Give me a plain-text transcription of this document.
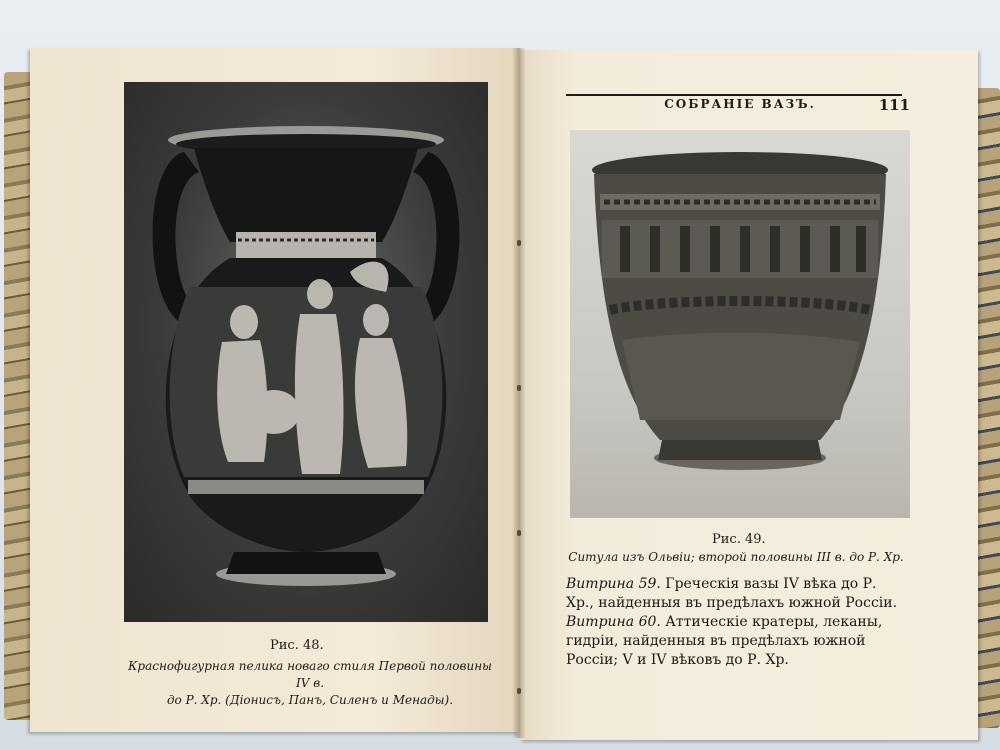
Рис. 48.
Краснофигурная пелика новаго стиля Первой половины IV в.
до Р. Хр. (Діонисъ, Панъ, Силенъ и Менады).
СОБРАНІЕ ВАЗЪ.	111
Рис. 49.
Ситула изъ Ольвіи; второй половины III в. до Р. Хр.

Витрина 59. Греческія вазы IV вѣка до Р. Хр., найденныя въ предѣлахъ южной Россіи.

Витрина 60. Аттическіе кратеры, леканы, гидріи, найденныя въ предѣлахъ южной Россіи; V и IV вѣковъ до Р. Хр.
